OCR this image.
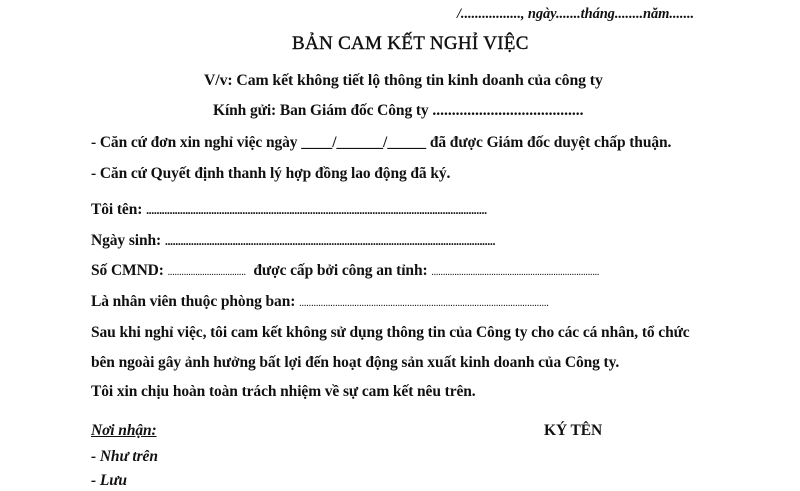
/................., ngày.......tháng........năm.......
BẢN CAM KẾT NGHỈ VIỆC
V/v: Cam kết không tiết lộ thông tin kinh doanh của công ty
Kính gửi: Ban Giám đốc Công ty .......................................
- Căn cứ đơn xin nghỉ việc ngày ____/______/_____ đã được Giám đốc duyệt chấp thuận.
- Căn cứ Quyết định thanh lý hợp đồng lao động đã ký.
Tôi tên: ...................................................................................................................................
Ngày sinh: ...............................................................................................................................
Số CMND: .................................. được cấp bởi công an tỉnh: .........................................................................
Là nhân viên thuộc phòng ban: ........................................................................................................
Sau khi nghỉ việc, tôi cam kết không sử dụng thông tin của Công ty cho các cá nhân, tổ chức
bên ngoài gây ảnh hưởng bất lợi đến hoạt động sản xuất kinh doanh của Công ty.
Tôi xin chịu hoàn toàn trách nhiệm về sự cam kết nêu trên.
Nơi nhận:
- Như trên
- Lưu
KÝ TÊN
